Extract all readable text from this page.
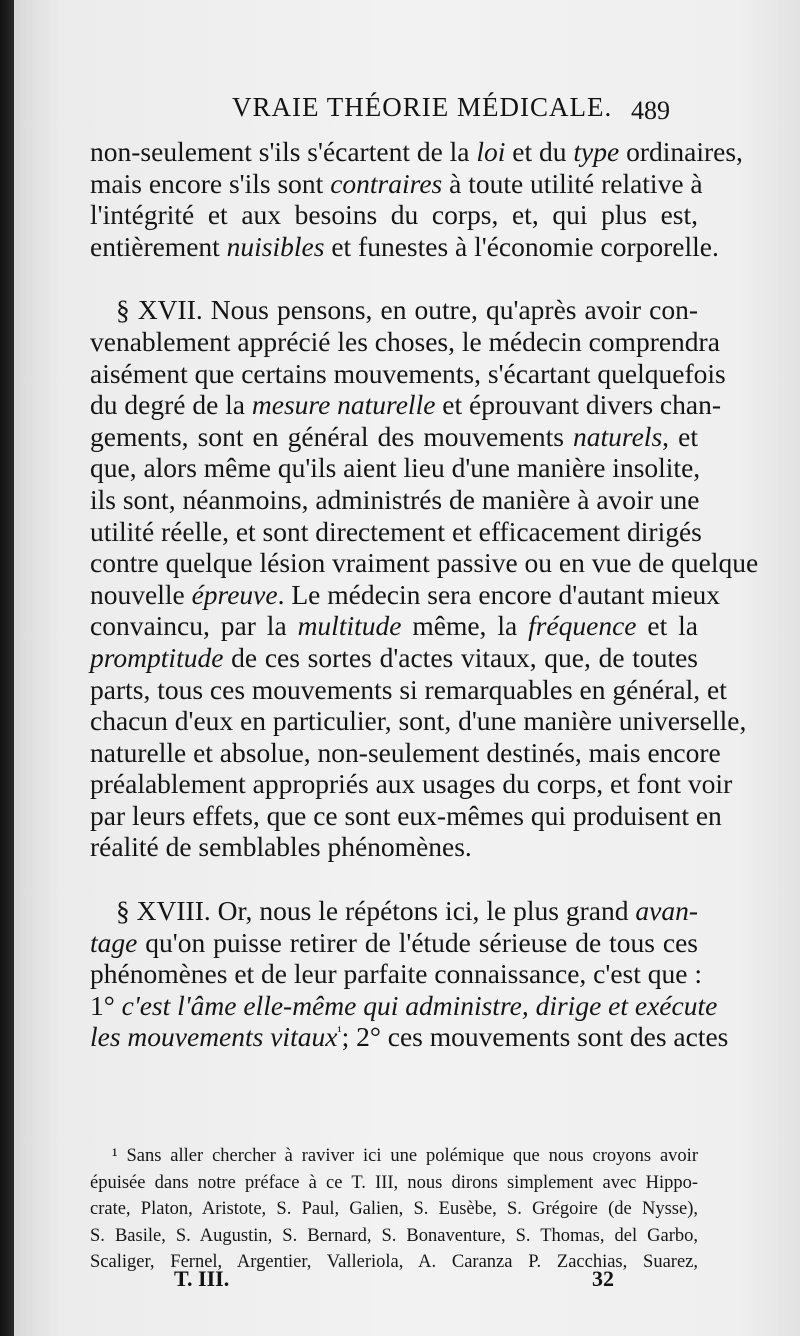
VRAIE THÉORIE MÉDICALE. 489

non-seulement s'ils s'écartent de la loi et du type ordinaires,
mais encore s'ils sont contraires à toute utilité relative à
l'intégrité et aux besoins du corps, et, qui plus est,
entièrement nuisibles et funestes à l'économie corporelle.

§ XVII. Nous pensons, en outre, qu'après avoir con-
venablement apprécié les choses, le médecin comprendra
aisément que certains mouvements, s'écartant quelquefois
du degré de la mesure naturelle et éprouvant divers chan-
gements, sont en général des mouvements naturels, et
que, alors même qu'ils aient lieu d'une manière insolite,
ils sont, néanmoins, administrés de manière à avoir une
utilité réelle, et sont directement et efficacement dirigés
contre quelque lésion vraiment passive ou en vue de quelque
nouvelle épreuve. Le médecin sera encore d'autant mieux
convaincu, par la multitude même, la fréquence et la
promptitude de ces sortes d'actes vitaux, que, de toutes
parts, tous ces mouvements si remarquables en général, et
chacun d'eux en particulier, sont, d'une manière universelle,
naturelle et absolue, non-seulement destinés, mais encore
préalablement appropriés aux usages du corps, et font voir
par leurs effets, que ce sont eux-mêmes qui produisent en
réalité de semblables phénomènes.

§ XVIII. Or, nous le répétons ici, le plus grand avan-
tage qu'on puisse retirer de l'étude sérieuse de tous ces
phénomènes et de leur parfaite connaissance, c'est que :
1° c'est l'âme elle-même qui administre, dirige et exécute
les mouvements vitaux$^{^1}$; 2° ces mouvements sont des actes

¹ Sans aller chercher à raviver ici une polémique que nous croyons avoir
épuisée dans notre préface à ce T. III, nous dirons simplement avec Hippo-
crate, Platon, Aristote, S. Paul, Galien, S. Eusèbe, S. Grégoire (de Nysse),
S. Basile, S. Augustin, S. Bernard, S. Bonaventure, S. Thomas, del Garbo,
Scaliger, Fernel, Argentier, Valleriola, A. Caranza P. Zacchias, Suarez,
T. III.	32
